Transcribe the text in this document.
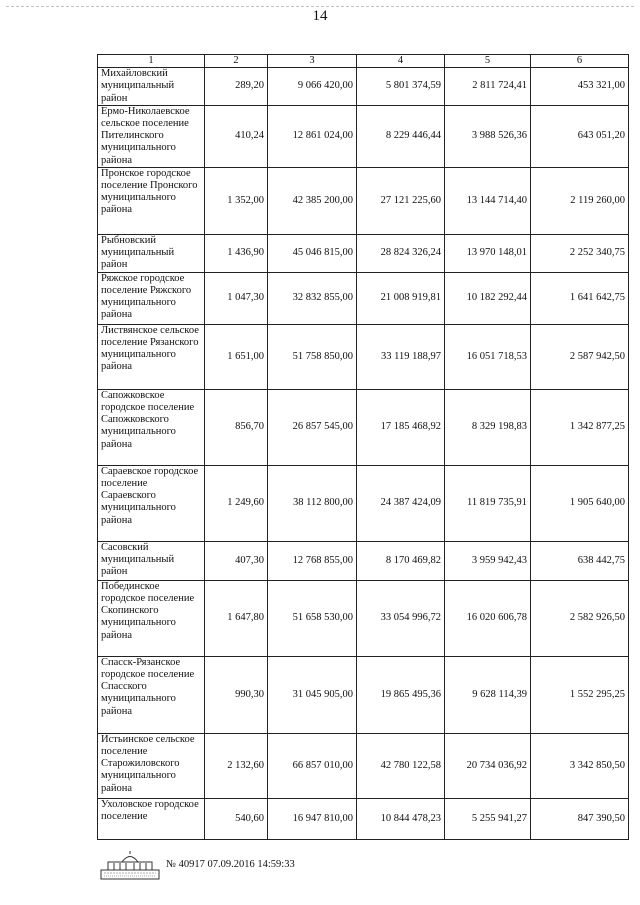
14
1	2	3	4	5	6
Михайловский муниципальный район	289,20	9 066 420,00	5 801 374,59	2 811 724,41	453 321,00
Ермо-Николаевское сельское поселение Пителинского муниципального района	410,24	12 861 024,00	8 229 446,44	3 988 526,36	643 051,20
Пронское городское поселение Пронского муниципального района	1 352,00	42 385 200,00	27 121 225,60	13 144 714,40	2 119 260,00
Рыбновский муниципальный район	1 436,90	45 046 815,00	28 824 326,24	13 970 148,01	2 252 340,75
Ряжское городское поселение Ряжского муниципального района	1 047,30	32 832 855,00	21 008 919,81	10 182 292,44	1 641 642,75
Листвянское сельское поселение Рязанского муниципального района	1 651,00	51 758 850,00	33 119 188,97	16 051 718,53	2 587 942,50
Сапожковское городское поселение Сапожковского муниципального района	856,70	26 857 545,00	17 185 468,92	8 329 198,83	1 342 877,25
Сараевское городское поселение Сараевского муниципального района	1 249,60	38 112 800,00	24 387 424,09	11 819 735,91	1 905 640,00
Сасовский муниципальный район	407,30	12 768 855,00	8 170 469,82	3 959 942,43	638 442,75
Побединское городское поселение Скопинского муниципального района	1 647,80	51 658 530,00	33 054 996,72	16 020 606,78	2 582 926,50
Спасск-Рязанское городское поселение Спасского муниципального района	990,30	31 045 905,00	19 865 495,36	9 628 114,39	1 552 295,25
Истьинское сельское поселение Старожиловского муниципального района	2 132,60	66 857 010,00	42 780 122,58	20 734 036,92	3 342 850,50
Ухоловское городское поселение	540,60	16 947 810,00	10 844 478,23	5 255 941,27	847 390,50
№ 40917 07.09.2016 14:59:33
